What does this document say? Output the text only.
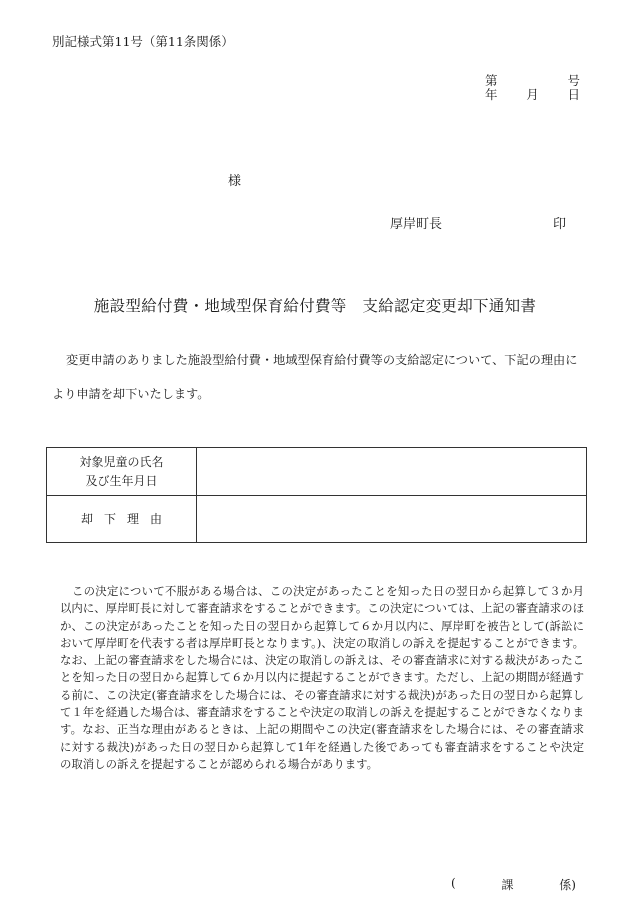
別記様式第11号（第11条関係）
第	号
年 月 日
様
厚岸町長	印
施設型給付費・地域型保育給付費等　支給認定変更却下通知書
変更申請のありました施設型給付費・地域型保育給付費等の支給認定について、下記の理由に
より申請を却下いたします。
対象児童の氏名
及び生年月日	

却下理由	
この決定について不服がある場合は、この決定があったことを知った日の翌日から起算して３か月以内に、厚岸町長に対して審査請求をすることができます。この決定については、上記の審査請求のほか、この決定があったことを知った日の翌日から起算して６か月以内に、厚岸町を被告として(訴訟において厚岸町を代表する者は厚岸町長となります。)、決定の取消しの訴えを提起することができます。なお、上記の審査請求をした場合には、決定の取消しの訴えは、その審査請求に対する裁決があったことを知った日の翌日から起算して６か月以内に提起することができます。ただし、上記の期間が経過する前に、この決定(審査請求をした場合には、その審査請求に対する裁決)があった日の翌日から起算して１年を経過した場合は、審査請求をすることや決定の取消しの訴えを提起することができなくなります。なお、正当な理由があるときは、上記の期間やこの決定(審査請求をした場合には、その審査請求に対する裁決)があった日の翌日から起算して1年を経過した後であっても審査請求をすることや決定の取消しの訴えを提起することが認められる場合があります。
(	課	係)
